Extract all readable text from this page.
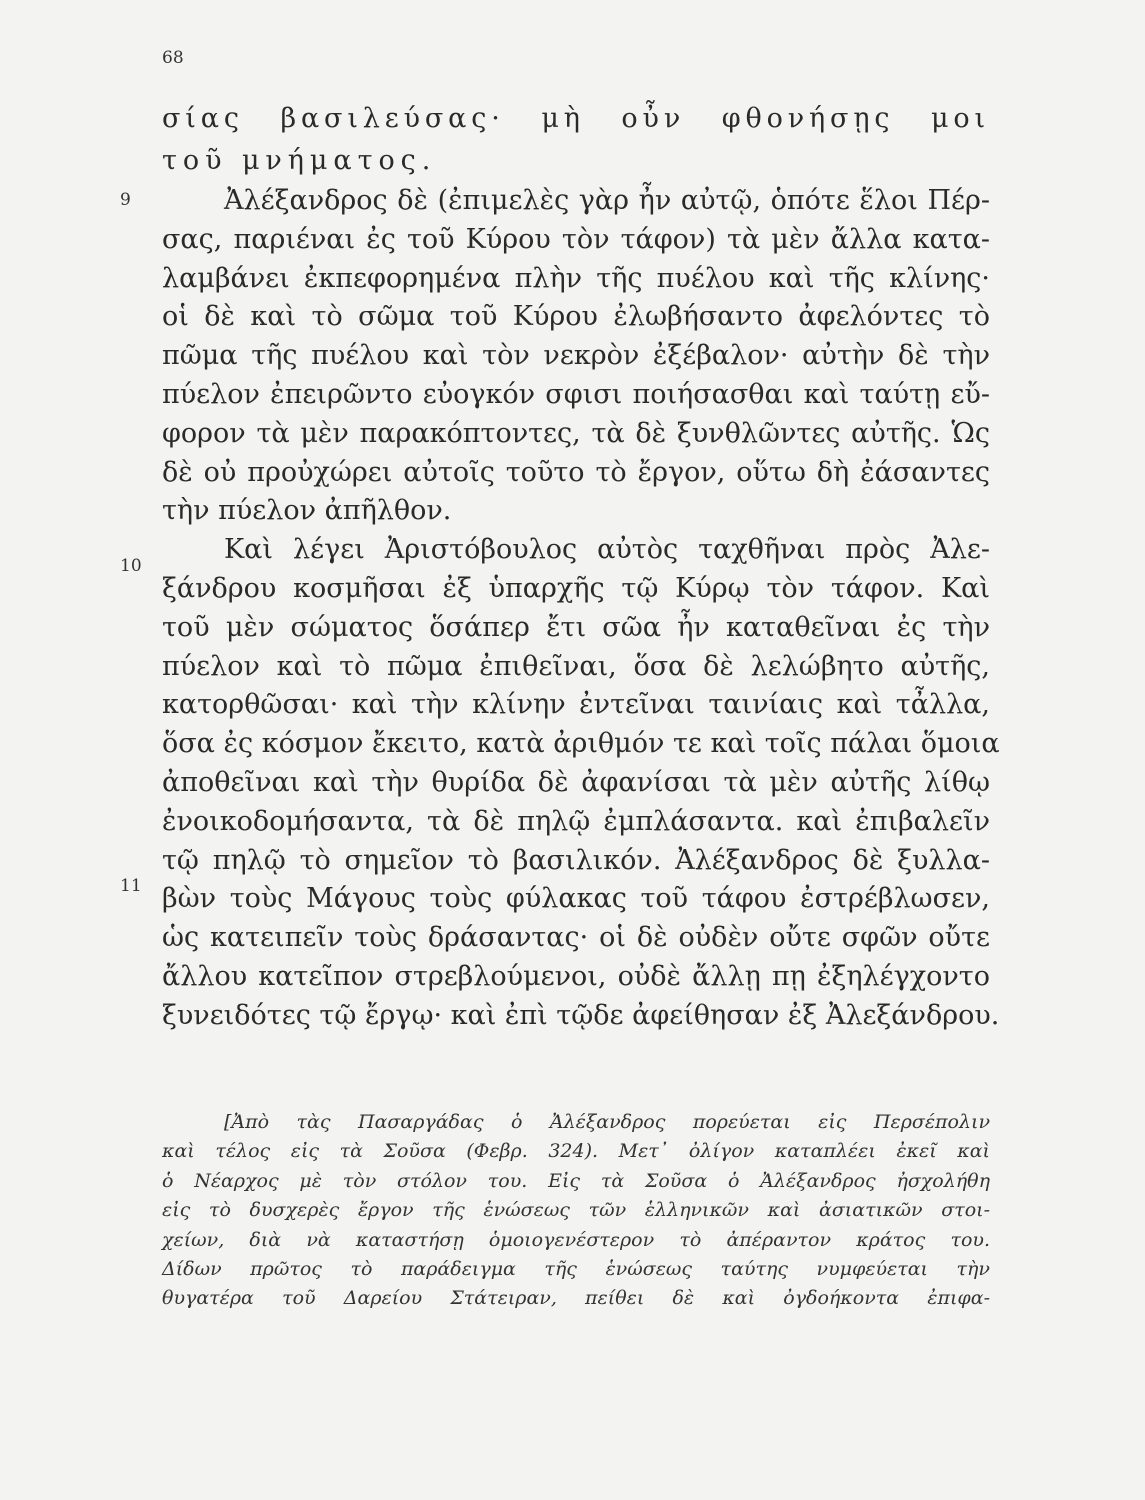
68
σίας βασιλεύσας· μὴ οὖν φθονήσῃς μοι
τοῦ μνήματος.
9
10
11
Ἀλέξανδρος δὲ (ἐπιμελὲς γὰρ ἦν αὐτῷ, ὁπότε ἕλοι Πέρ-
σας, παριέναι ἐς τοῦ Κύρου τὸν τάφον) τὰ μὲν ἄλλα κατα-
λαμβάνει ἐκπεφορημένα πλὴν τῆς πυέλου καὶ τῆς κλίνης·
οἱ δὲ καὶ τὸ σῶμα τοῦ Κύρου ἐλωβήσαντο ἀφελόντες τὸ
πῶμα τῆς πυέλου καὶ τὸν νεκρὸν ἐξέβαλον· αὐτὴν δὲ τὴν
πύελον ἐπειρῶντο εὐογκόν σφισι ποιήσασθαι καὶ ταύτῃ εὔ-
φορον τὰ μὲν παρακόπτοντες, τὰ δὲ ξυνθλῶντες αὐτῆς. Ὡς
δὲ οὐ προὐχώρει αὐτοῖς τοῦτο τὸ ἔργον, οὕτω δὴ ἐάσαντες
τὴν πύελον ἀπῆλθον.
Καὶ λέγει Ἀριστόβουλος αὐτὸς ταχθῆναι πρὸς Ἀλε-
ξάνδρου κοσμῆσαι ἐξ ὑπαρχῆς τῷ Κύρῳ τὸν τάφον. Καὶ
τοῦ μὲν σώματος ὅσάπερ ἔτι σῶα ἦν καταθεῖναι ἐς τὴν
πύελον καὶ τὸ πῶμα ἐπιθεῖναι, ὅσα δὲ λελώβητο αὐτῆς,
κατορθῶσαι· καὶ τὴν κλίνην ἐντεῖναι ταινίαις καὶ τἆλλα,
ὅσα ἐς κόσμον ἔκειτο, κατὰ ἀριθμόν τε καὶ τοῖς πάλαι ὅμοια
ἀποθεῖναι καὶ τὴν θυρίδα δὲ ἀφανίσαι τὰ μὲν αὐτῆς λίθῳ
ἐνοικοδομήσαντα, τὰ δὲ πηλῷ ἐμπλάσαντα. καὶ ἐπιβαλεῖν
τῷ πηλῷ τὸ σημεῖον τὸ βασιλικόν. Ἀλέξανδρος δὲ ξυλλα-
βὼν τοὺς Μάγους τοὺς φύλακας τοῦ τάφου ἐστρέβλωσεν,
ὡς κατειπεῖν τοὺς δράσαντας· οἱ δὲ οὐδὲν οὔτε σφῶν οὔτε
ἄλλου κατεῖπον στρεβλούμενοι, οὐδὲ ἄλλῃ πῃ ἐξηλέγχοντο
ξυνειδότες τῷ ἔργῳ· καὶ ἐπὶ τῷδε ἀφείθησαν ἐξ Ἀλεξάνδρου.
[Ἀπὸ τὰς Πασαργάδας ὁ Ἀλέξανδρος πορεύεται εἰς Περσέπολιν
καὶ τέλος εἰς τὰ Σοῦσα (Φεβρ. 324). Μετ᾽ ὀλίγον καταπλέει ἐκεῖ καὶ
ὁ Νέαρχος μὲ τὸν στόλον του. Εἰς τὰ Σοῦσα ὁ Ἀλέξανδρος ἠσχολήθη
εἰς τὸ δυσχερὲς ἔργον τῆς ἑνώσεως τῶν ἑλληνικῶν καὶ ἀσιατικῶν στοι-
χείων, διὰ νὰ καταστήσῃ ὁμοιογενέστερον τὸ ἀπέραντον κράτος του.
Δίδων πρῶτος τὸ παράδειγμα τῆς ἑνώσεως ταύτης νυμφεύεται τὴν
θυγατέρα τοῦ Δαρείου Στάτειραν, πείθει δὲ καὶ ὀγδοήκοντα ἐπιφα-
